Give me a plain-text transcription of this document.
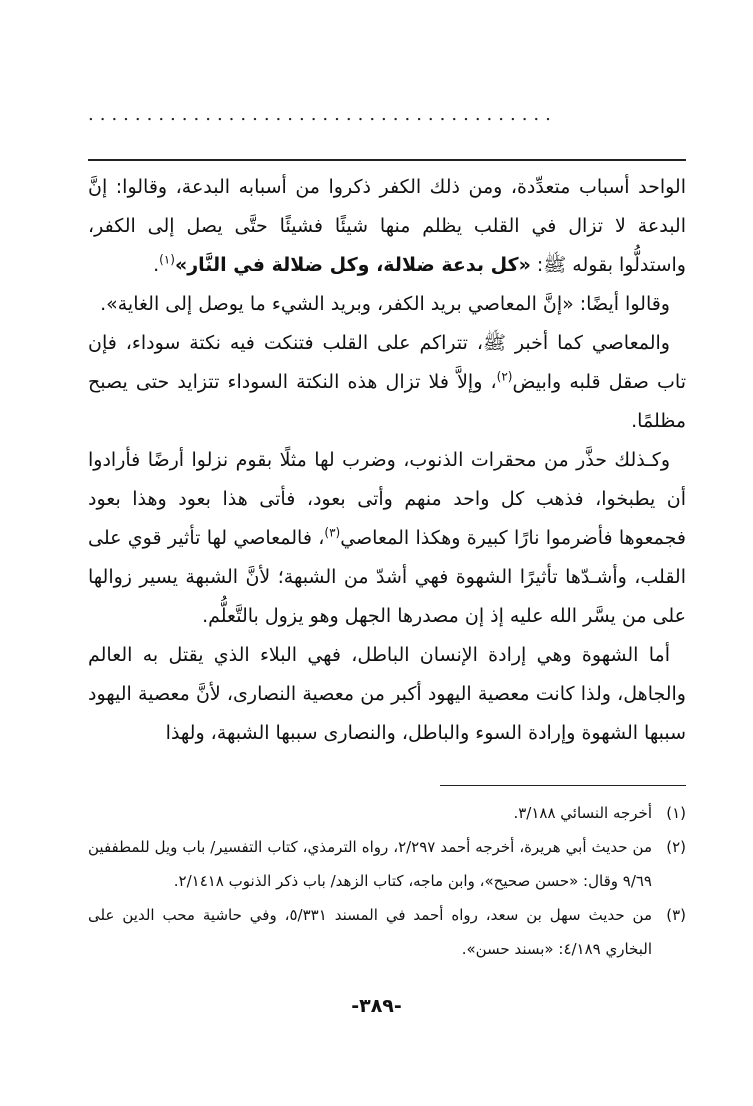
........................................

الواحد أسباب متعدِّدة، ومن ذلك الكفر ذكروا من أسبابه البدعة، وقالوا: إنَّ البدعة لا تزال في القلب يظلم منها شيئًا فشيئًا حتَّى يصل إلى الكفر، واستدلُّوا بقوله ﷺ: «كل بدعة ضلالة، وكل ضلالة في النَّار»$^{(١)}$.

وقالوا أيضًا: «إنَّ المعاصي بريد الكفر، وبريد الشيء ما يوصل إلى الغاية».

والمعاصي كما أخبر ﷺ، تتراكم على القلب فتنكت فيه نكتة سوداء، فإن تاب صقل قلبه وابيض$^{(٢)}$، وإلاَّ فلا تزال هذه النكتة السوداء تتزايد حتى يصبح مظلمًا.

وكـذلك حذَّر من محقرات الذنوب، وضرب لها مثلًا بقوم نزلوا أرضًا فأرادوا أن يطبخوا، فذهب كل واحد منهم وأتى بعود، فأتى هذا بعود وهذا بعود فجمعوها فأضرموا نارًا كبيرة وهكذا المعاصي$^{(٣)}$، فالمعاصي لها تأثير قوي على القلب، وأشـدّها تأثيرًا الشهوة فهي أشدّ من الشبهة؛ لأنَّ الشبهة يسير زوالها على من يسَّر الله عليه إذ إن مصدرها الجهل وهو يزول بالتَّعلُّم.

أما الشهوة وهي إرادة الإنسان الباطل، فهي البلاء الذي يقتل به العالم والجاهل، ولذا كانت معصية اليهود أكبر من معصية النصارى، لأنَّ معصية اليهود سببها الشهوة وإرادة السوء والباطل، والنصارى سببها الشبهة، ولهذا

(١)
أخرجه النسائي ٣/١٨٨.
(٢)
من حديث أبي هريرة، أخرجه أحمد ٢/٢٩٧، رواه الترمذي، كتاب التفسير/ باب ويل للمطففين ٩/٦٩ وقال: «حسن صحيح»، وابن ماجه، كتاب الزهد/ باب ذكر الذنوب ٢/١٤١٨.
(٣)
من حديث سهل بن سعد، رواه أحمد في المسند ٥/٣٣١، وفي حاشية محب الدين على البخاري ٤/١٨٩: «بسند حسن».
-٣٨٩-
